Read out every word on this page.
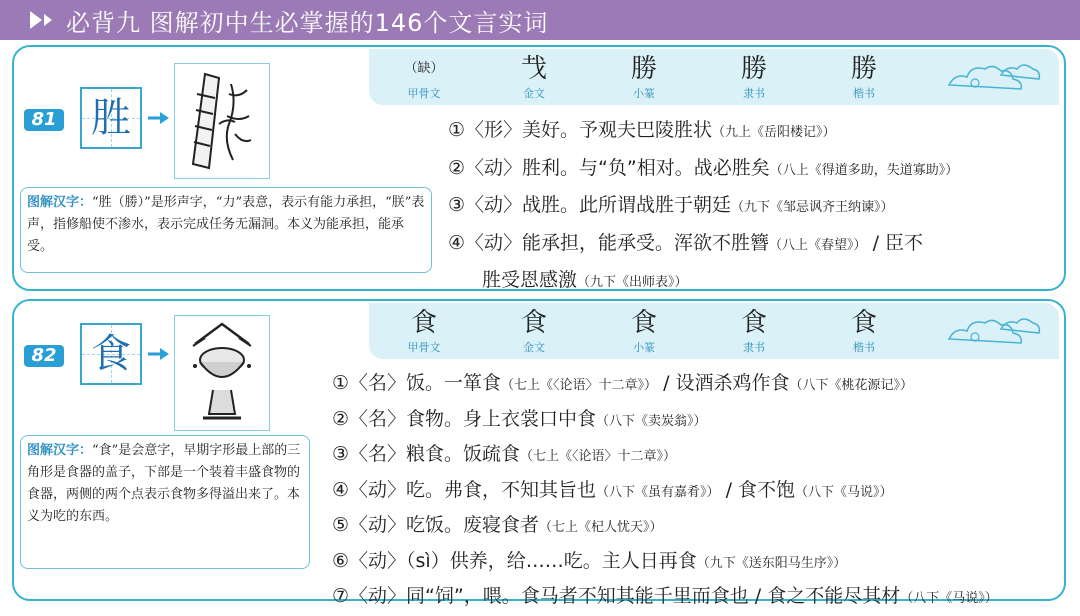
必背九 图解初中生必掌握的146个文言实词
（缺）
甲骨文
𢦏
金文
勝
小篆
勝
隶书
勝
楷书
81 胜
图解汉字：“胜（勝）”是形声字，“力”表意，表示有能力承担，“朕”表声，指修船使不渗水，表示完成任务无漏洞。本义为能承担，能承受。
①〈形〉美好。予观夫巴陵胜状（九上《岳阳楼记》）
②〈动〉胜利。与“负”相对。战必胜矣（八上《得道多助，失道寡助》）
③〈动〉战胜。此所谓战胜于朝廷（九下《邹忌讽齐王纳谏》）
④〈动〉能承担，能承受。浑欲不胜簪（八上《春望》） / 臣不
胜受恩感激（九下《出师表》）
食
甲骨文
食
金文
食
小篆
食
隶书
食
楷书
82 食
图解汉字：“食”是会意字，早期字形最上部的三角形是食器的盖子，下部是一个装着丰盛食物的食器，两侧的两个点表示食物多得溢出来了。本义为吃的东西。
①〈名〉饭。一箪食（七上《〈论语〉十二章》） / 设酒杀鸡作食（八下《桃花源记》）
②〈名〉食物。身上衣裳口中食（八下《卖炭翁》）
③〈名〉粮食。饭疏食（七上《〈论语〉十二章》）
④〈动〉吃。弗食，不知其旨也（八下《虽有嘉肴》） / 食不饱（八下《马说》）
⑤〈动〉吃饭。废寝食者（七上《杞人忧天》）
⑥〈动〉（sì）供养，给……吃。主人日再食（九下《送东阳马生序》）
⑦〈动〉同“饲”，喂。食马者不知其能千里而食也 / 食之不能尽其材（八下《马说》）
